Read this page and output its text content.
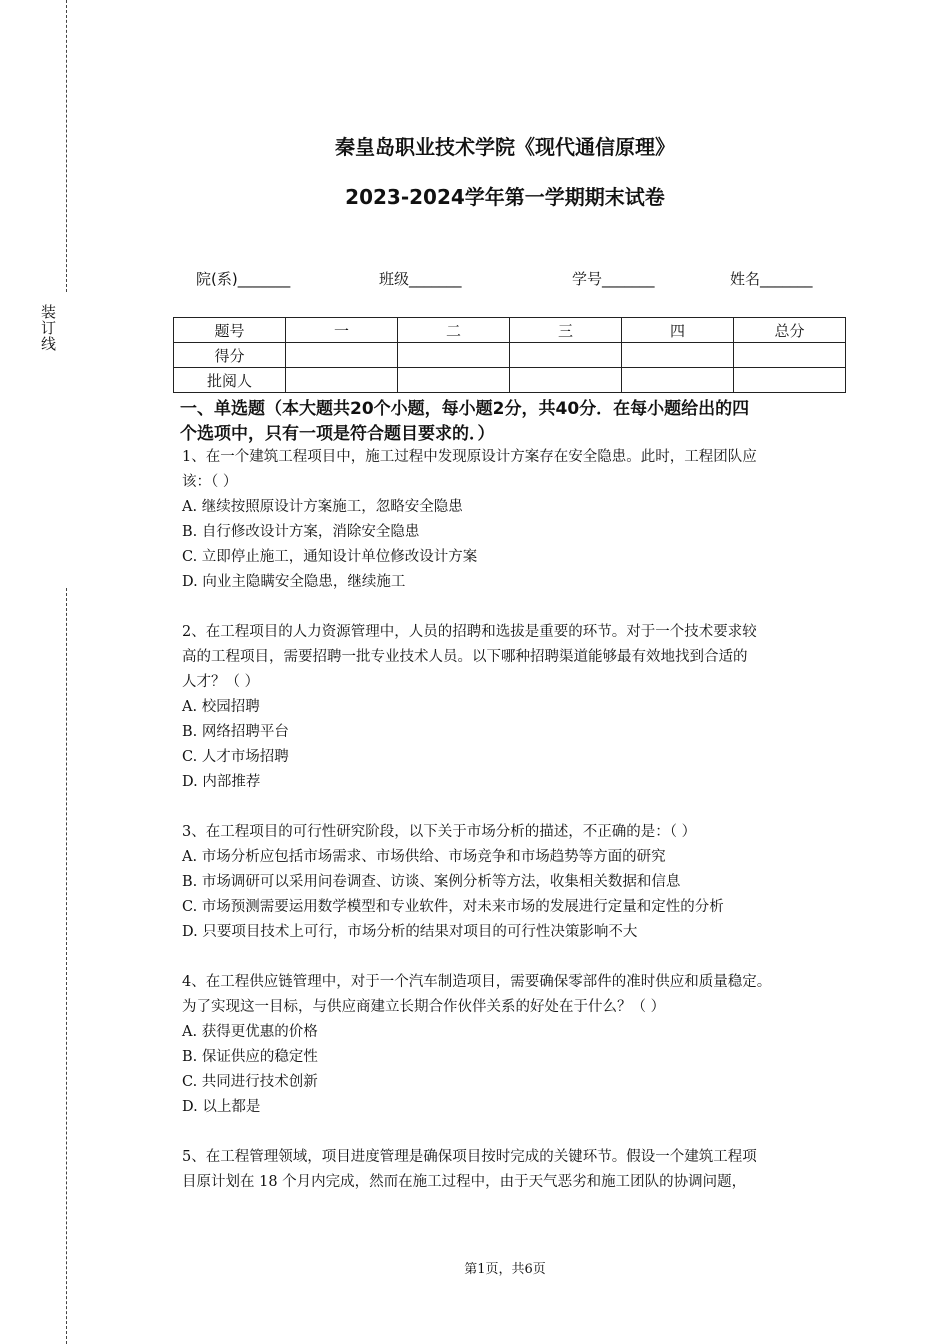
装订线
秦皇岛职业技术学院《现代通信原理》
2023-2024学年第一学期期末试卷
院(系)_______	班级_______	学号_______	姓名_______
题号	一	二	三	四	总分
得分					
批阅人					
一、单选题（本大题共20个小题，每小题2分，共40分．在每小题给出的四
个选项中，只有一项是符合题目要求的．）

1、在一个建筑工程项目中，施工过程中发现原设计方案存在安全隐患。此时，工程团队应

该：（ ）

A. 继续按照原设计方案施工，忽略安全隐患

B. 自行修改设计方案，消除安全隐患

C. 立即停止施工，通知设计单位修改设计方案

D. 向业主隐瞒安全隐患，继续施工

2、在工程项目的人力资源管理中，人员的招聘和选拔是重要的环节。对于一个技术要求较

高的工程项目，需要招聘一批专业技术人员。以下哪种招聘渠道能够最有效地找到合适的

人才？（ ）

A. 校园招聘

B. 网络招聘平台

C. 人才市场招聘

D. 内部推荐

3、在工程项目的可行性研究阶段，以下关于市场分析的描述，不正确的是：（ ）

A. 市场分析应包括市场需求、市场供给、市场竞争和市场趋势等方面的研究

B. 市场调研可以采用问卷调查、访谈、案例分析等方法，收集相关数据和信息

C. 市场预测需要运用数学模型和专业软件，对未来市场的发展进行定量和定性的分析

D. 只要项目技术上可行，市场分析的结果对项目的可行性决策影响不大

4、在工程供应链管理中，对于一个汽车制造项目，需要确保零部件的准时供应和质量稳定。

为了实现这一目标，与供应商建立长期合作伙伴关系的好处在于什么？（ ）

A. 获得更优惠的价格

B. 保证供应的稳定性

C. 共同进行技术创新

D. 以上都是

5、在工程管理领域，项目进度管理是确保项目按时完成的关键环节。假设一个建筑工程项

目原计划在 18 个月内完成，然而在施工过程中，由于天气恶劣和施工团队的协调问题，

第1页，共6页
